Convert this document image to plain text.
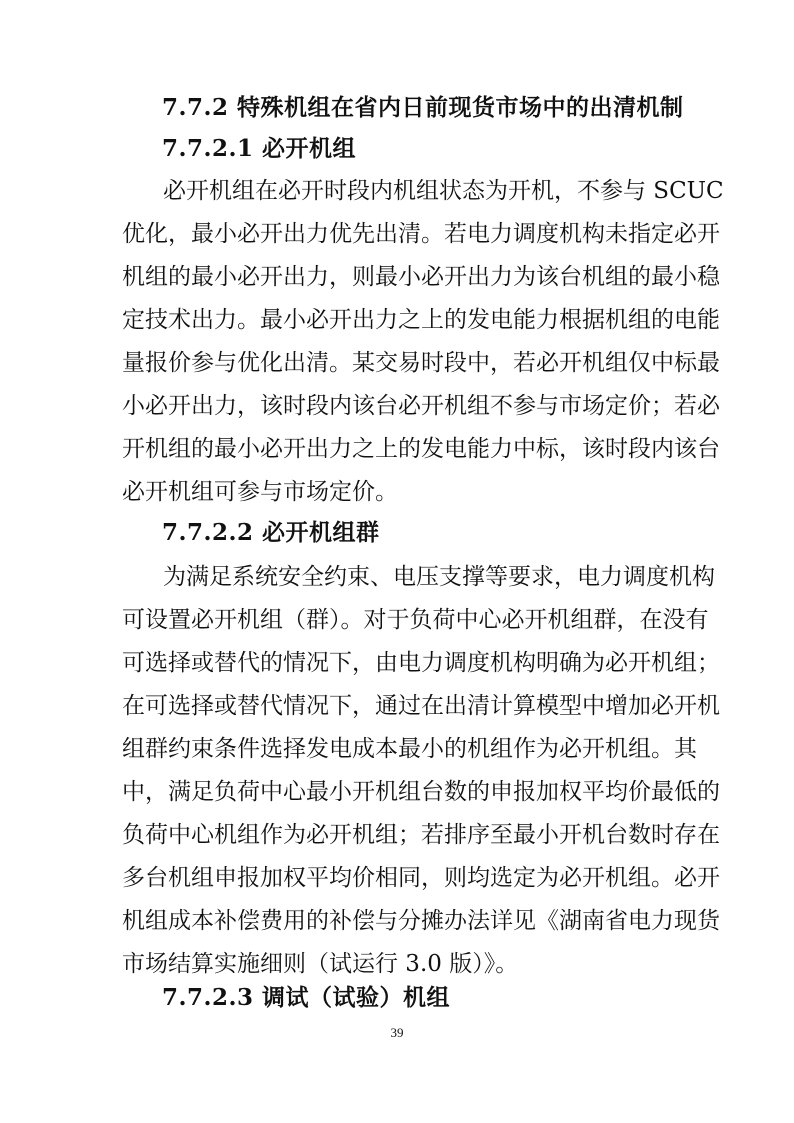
7.7.2 特殊机组在省内日前现货市场中的出清机制
7.7.2.1 必开机组
必开机组在必开时段内机组状态为开机，不参与 SCUC
优化，最小必开出力优先出清。若电力调度机构未指定必开
机组的最小必开出力，则最小必开出力为该台机组的最小稳
定技术出力。最小必开出力之上的发电能力根据机组的电能
量报价参与优化出清。某交易时段中，若必开机组仅中标最
小必开出力，该时段内该台必开机组不参与市场定价；若必
开机组的最小必开出力之上的发电能力中标，该时段内该台
必开机组可参与市场定价。
7.7.2.2 必开机组群
为满足系统安全约束、电压支撑等要求，电力调度机构
可设置必开机组（群）。对于负荷中心必开机组群，在没有
可选择或替代的情况下，由电力调度机构明确为必开机组；
在可选择或替代情况下，通过在出清计算模型中增加必开机
组群约束条件选择发电成本最小的机组作为必开机组。其
中，满足负荷中心最小开机组台数的申报加权平均价最低的
负荷中心机组作为必开机组；若排序至最小开机台数时存在
多台机组申报加权平均价相同，则均选定为必开机组。必开
机组成本补偿费用的补偿与分摊办法详见《湖南省电力现货
市场结算实施细则（试运行 3.0 版）》。
7.7.2.3 调试（试验）机组
39
